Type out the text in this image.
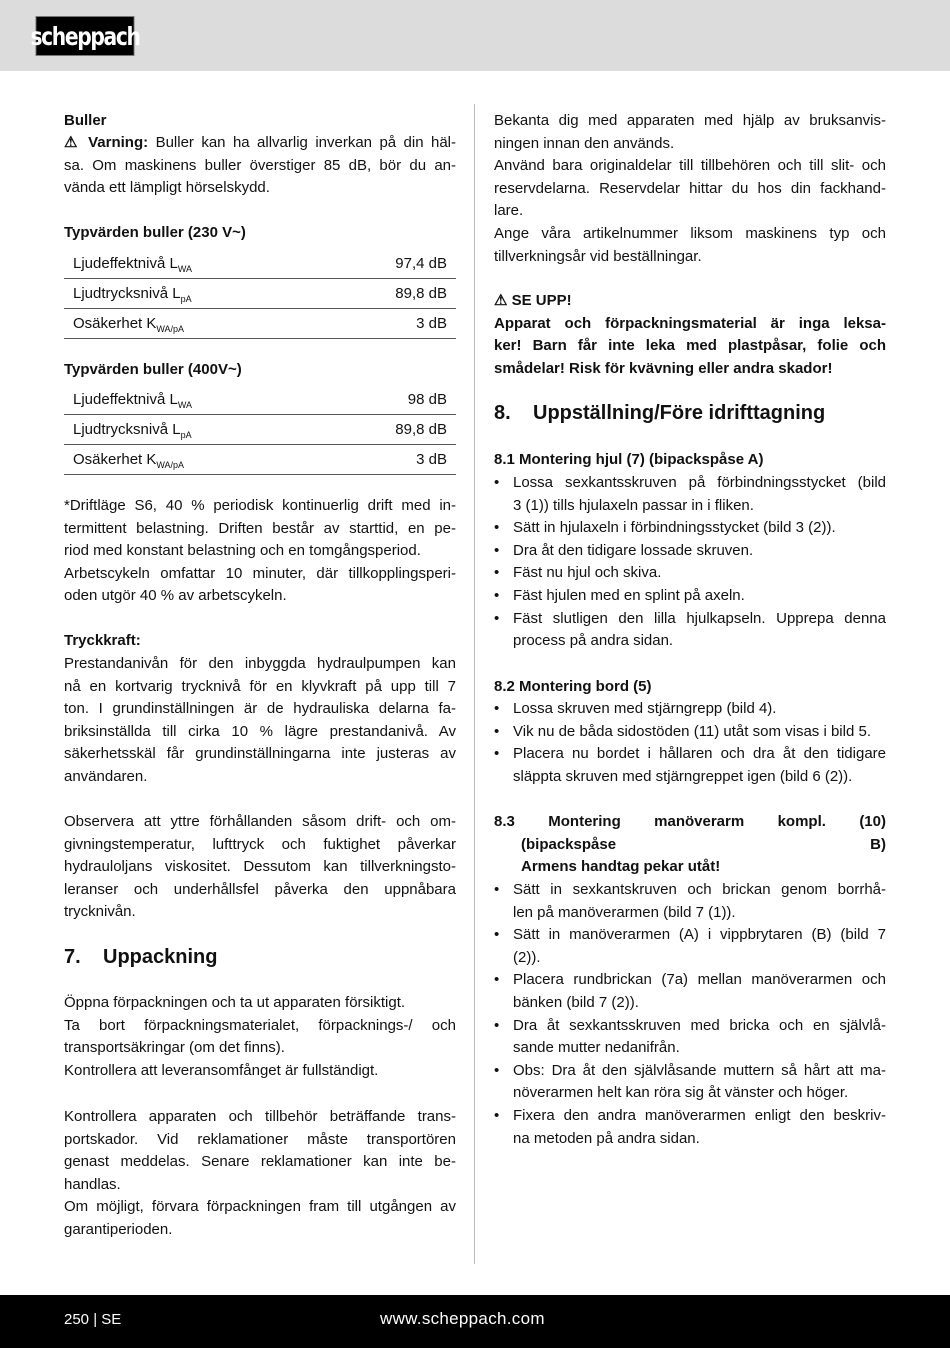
scheppach
Buller
⚠ Varning: Buller kan ha allvarlig inverkan på din häl-
sa. Om maskinens buller överstiger 85 dB, bör du an-
vända ett lämpligt hörselskydd.
Typvärden buller (230 V~)
Ljudeffektnivå $L_{WA}$	97,4 dB
Ljudtrycksnivå $L_{pA}$	89,8 dB
Osäkerhet $K_{WA/pA}$	3 dB
Typvärden buller (400V~)
Ljudeffektnivå $L_{WA}$	98 dB
Ljudtrycksnivå $L_{pA}$	89,8 dB
Osäkerhet $K_{WA/pA}$	3 dB
*Driftläge S6, 40 % periodisk kontinuerlig drift med in-
termittent belastning. Driften består av starttid, en pe-
riod med konstant belastning och en tomgångsperiod.
Arbetscykeln omfattar 10 minuter, där tillkopplingsperi-
oden utgör 40 % av arbetscykeln.
Tryckkraft:
Prestandanivån för den inbyggda hydraulpumpen kan
nå en kortvarig trycknivå för en klyvkraft på upp till 7
ton. I grundinställningen är de hydrauliska delarna fa-
briksinställda till cirka 10 % lägre prestandanivå. Av
säkerhetsskäl får grundinställningarna inte justeras av
användaren.
Observera att yttre förhållanden såsom drift- och om-
givningstemperatur, lufttryck och fuktighet påverkar
hydrauloljans viskositet. Dessutom kan tillverkningsto-
leranser och underhållsfel påverka den uppnåbara
trycknivån.
7. Uppackning
Öppna förpackningen och ta ut apparaten försiktigt.
Ta bort förpackningsmaterialet, förpacknings-/ och
transportsäkringar (om det finns).
Kontrollera att leveransomfånget är fullständigt.
Kontrollera apparaten och tillbehör beträffande trans-
portskador. Vid reklamationer måste transportören
genast meddelas. Senare reklamationer kan inte be-
handlas.
Om möjligt, förvara förpackningen fram till utgången av
garantiperioden.
Bekanta dig med apparaten med hjälp av bruksanvis-
ningen innan den används.
Använd bara originaldelar till tillbehören och till slit- och
reservdelarna. Reservdelar hittar du hos din fackhand-
lare.
Ange våra artikelnummer liksom maskinens typ och
tillverkningsår vid beställningar.
⚠ SE UPP!
Apparat och förpackningsmaterial är inga leksa-
ker! Barn får inte leka med plastpåsar, folie och
smådelar! Risk för kvävning eller andra skador!
8. Uppställning/Före idrifttagning
8.1 Montering hjul (7) (bipackspåse A)
• Lossa sexkantsskruven på förbindningsstycket (bild
3 (1)) tills hjulaxeln passar in i fliken.
• Sätt in hjulaxeln i förbindningsstycket (bild 3 (2)).
• Dra åt den tidigare lossade skruven.
• Fäst nu hjul och skiva.
• Fäst hjulen med en splint på axeln.
• Fäst slutligen den lilla hjulkapseln. Upprepa denna
process på andra sidan.
8.2 Montering bord (5)
• Lossa skruven med stjärngrepp (bild 4).
• Vik nu de båda sidostöden (11) utåt som visas i bild 5.
• Placera nu bordet i hållaren och dra åt den tidigare
släppta skruven med stjärngreppet igen (bild 6 (2)).
8.3 Montering manöverarm kompl. (10)
(bipackspåse B)
Armens handtag pekar utåt!
• Sätt in sexkantskruven och brickan genom borrhå-
len på manöverarmen (bild 7 (1)).
• Sätt in manöverarmen (A) i vippbrytaren (B) (bild 7
(2)).
• Placera rundbrickan (7a) mellan manöverarmen och
bänken (bild 7 (2)).
• Dra åt sexkantsskruven med bricka och en självlå-
sande mutter nedanifrån.
• Obs: Dra åt den självlåsande muttern så hårt att ma-
növerarmen helt kan röra sig åt vänster och höger.
• Fixera den andra manöverarmen enligt den beskriv-
na metoden på andra sidan.
250 | SE	www.scheppach.com
